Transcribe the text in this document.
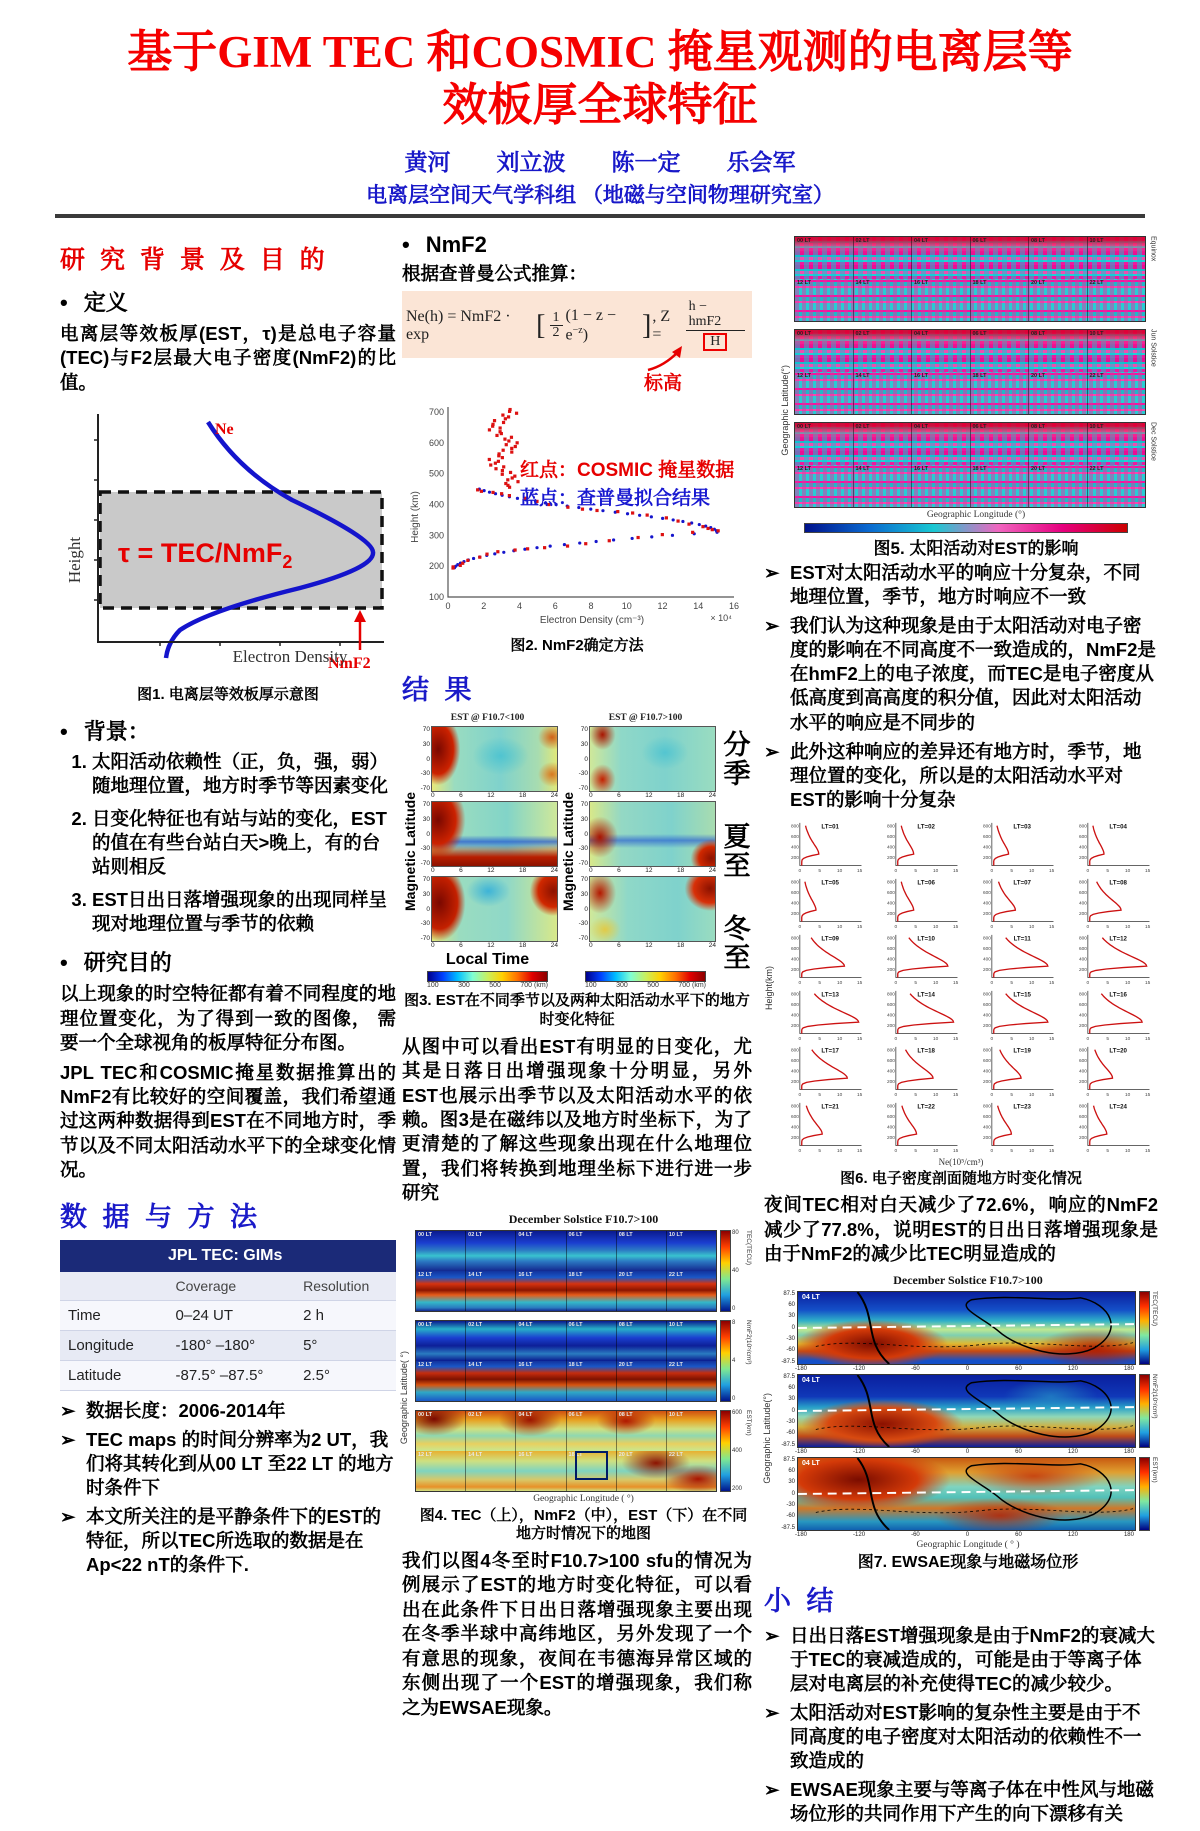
基于GIM TEC 和COSMIC 掩星观测的电离层等
效板厚全球特征
黄河　　刘立波　　陈一定　　乐会军
电离层空间天气学科组 （地磁与空间物理研究室）
研 究 背 景 及 目 的
• 定义

电离层等效板厚(EST，τ)是总电子容量(TEC)与F2层最大电子密度(NmF2)的比值。

Ne
τ = TEC/NmF2
NmF2
Height
Electron Density
图1. 电离层等效板厚示意图
• 背景：
1. 太阳活动依赖性（正，负，强，弱）随地理位置，地方时季节等因素变化
2. 日变化特征也有站与站的变化，EST的值在有些台站白天>晚上，有的台站则相反
3. EST日出日落增强现象的出现同样呈现对地理位置与季节的依赖
• 研究目的

以上现象的时空特征都有着不同程度的地理位置变化，为了得到一致的图像， 需要一个全球视角的板厚特征分布图。

JPL TEC和COSMIC掩星数据推算出的NmF2有比较好的空间覆盖，我们希望通过这两种数据得到EST在不同地方时，季节以及不同太阳活动水平下的全球变化情况。

数 据 与 方 法
JPL TEC: GIMs		
	Coverage	Resolution
Time	0–24 UT	2 h
Longitude	-180° –180°	5°
Latitude	-87.5° –87.5°	2.5°
➢ 数据长度：2006-2014年
➢ TEC maps 的时间分辨率为2 UT，我们将其转化到从00 LT 至22 LT 的地方时条件下
➢ 本文所关注的是平静条件下的EST的特征，所以TEC所选取的数据是在Ap<22 nT的条件下.
• NmF2

根据查普曼公式推算：

Ne(h) = NmF2 · exp	[ $\frac{1}{2} (1 - z - e^{-z})$	] , Z =	$\frac{\text{h − hmF2}}{H}$
标高
700
600
500
400
300
200
100
0	2	4	6	8	10	12	14	16
Height (km)
Electron Density (cm⁻³)	× 10⁴
红点：COSMIC 掩星数据
蓝点：查普曼拟合结果
图2. NmF2确定方法
结 果
Magnetic Latitude
EST @ F10.7<100
70
30
0
-30
-70
0	6	12	18	24
70
30
0
-30
-70
0	6	12	18	24
70
30
0
-30
-70
0	6	12	18	24
Local Time
100	300	500	700 (km)
Magnetic Latitude
EST @ F10.7>100
70
30
0
-30
-70
0	6	12	18	24
70
30
0
-30
-70
0	6	12	18	24
70
30
0
-30
-70
0	6	12	18	24
100	300	500	700 (km)
分季
夏至
冬至
图3. EST在不同季节以及两种太阳活动水平下的地方时变化特征

从图中可以看出EST有明显的日变化，尤其是日落日出增强现象十分明显，另外EST也展示出季节以及太阳活动水平的依赖。图3是在磁纬以及地方时坐标下，为了更清楚的了解这些现象出现在什么地理位置，我们将转换到地理坐标下进行进一步研究

December Solstice F10.7>100
Geographic Latitude( °)
00 LT	02 LT	04 LT	06 LT	08 LT	10 LT
12 LT	14 LT	16 LT	18 LT	20 LT	22 LT
80
40
0
TEC(TECU)
00 LT	02 LT	04 LT	06 LT	08 LT	10 LT
12 LT	14 LT	16 LT	18 LT	20 LT	22 LT
8
4
0
NmF2(10⁵/cm³)
00 LT	02 LT	04 LT	06 LT	08 LT	10 LT
12 LT	14 LT	16 LT	18 LT	20 LT	22 LT
600
400
200
EST(km)
Geographic Longitude ( °)
图4. TEC（上），NmF2（中），EST（下）在不同地方时情况下的地图

我们以图4冬至时F10.7>100 sfu的情况为例展示了EST的地方时变化特征，可以看出在此条件下日出日落增强现象主要出现在冬季半球中高纬地区，另外发现了一个有意思的现象，夜间在韦德海异常区域的东侧出现了一个EST的增强现象，我们称之为EWSAE现象。

Geographic Latitude(°)
00 LT	02 LT	04 LT	06 LT	08 LT	10 LT
12 LT	14 LT	16 LT	18 LT	20 LT	22 LT
Equinox
00 LT	02 LT	04 LT	06 LT	08 LT	10 LT
12 LT	14 LT	16 LT	18 LT	20 LT	22 LT
Jun Solstice
00 LT	02 LT	04 LT	06 LT	08 LT	10 LT
12 LT	14 LT	16 LT	18 LT	20 LT	22 LT
Dec Solstice
Geographic Longitude (°)
图5. 太阳活动对EST的影响
➢ EST对太阳活动水平的响应十分复杂，不同地理位置，季节，地方时响应不一致
➢ 我们认为这种现象是由于太阳活动对电子密度的影响在不同高度不一致造成的，NmF2是在hmF2上的电子浓度，而TEC是电子密度从低高度到高高度的积分值，因此对太阳活动水平的响应是不同步的
➢ 此外这种响应的差异还有地方时，季节，地理位置的变化，所以是的太阳活动水平对EST的影响十分复杂
Height(km)
800
600
400
200
0	5	10	15
LT=01	800
600
400
200
0	5	10	15
LT=02	800
600
400
200
0	5	10	15
LT=03	800
600
400
200
0	5	10	15
LT=04
800
600
400
200
0	5	10	15
LT=05	800
600
400
200
0	5	10	15
LT=06	800
600
400
200
0	5	10	15
LT=07	800
600
400
200
0	5	10	15
LT=08
800
600
400
200
0	5	10	15
LT=09	800
600
400
200
0	5	10	15
LT=10	800
600
400
200
0	5	10	15
LT=11	800
600
400
200
0	5	10	15
LT=12
800
600
400
200
0	5	10	15
LT=13	800
600
400
200
0	5	10	15
LT=14	800
600
400
200
0	5	10	15
LT=15	800
600
400
200
0	5	10	15
LT=16
800
600
400
200
0	5	10	15
LT=17	800
600
400
200
0	5	10	15
LT=18	800
600
400
200
0	5	10	15
LT=19	800
600
400
200
0	5	10	15
LT=20
800
600
400
200
0	5	10	15
LT=21	800
600
400
200
0	5	10	15
LT=22	800
600
400
200
0	5	10	15
LT=23	800
600
400
200
0	5	10	15
LT=24
Ne(10⁵/cm³)
图6. 电子密度剖面随地方时变化情况

夜间TEC相对白天减少了72.6%，响应的NmF2减少了77.8%，说明EST的日出日落增强现象是由于NmF2的减少比TEC明显造成的

December Solstice F10.7>100
Geographic Latitude(°)
87.5
60
30
0
-30
-60
-87.5
04 LT	TEC(TECU)
-180	-120	-60	0	60	120	180
87.5
60
30
0
-30
-60
-87.5
04 LT	NmF2(10⁵/cm³)
-180	-120	-60	0	60	120	180
87.5
60
30
0
-30
-60
-87.5
04 LT	EST(km)
-180	-120	-60	0	60	120	180
Geographic Longitude ( ° )
图7. EWSAE现象与地磁场位形
小 结
➢ 日出日落EST增强现象是由于NmF2的衰减大于TEC的衰减造成的，可能是由于等离子体层对电离层的补充使得TEC的减少较少。
➢ 太阳活动对EST影响的复杂性主要是由于不同高度的电子密度对太阳活动的依赖性不一致造成的
➢ EWSAE现象主要与等离子体在中性风与地磁场位形的共同作用下产生的向下漂移有关
